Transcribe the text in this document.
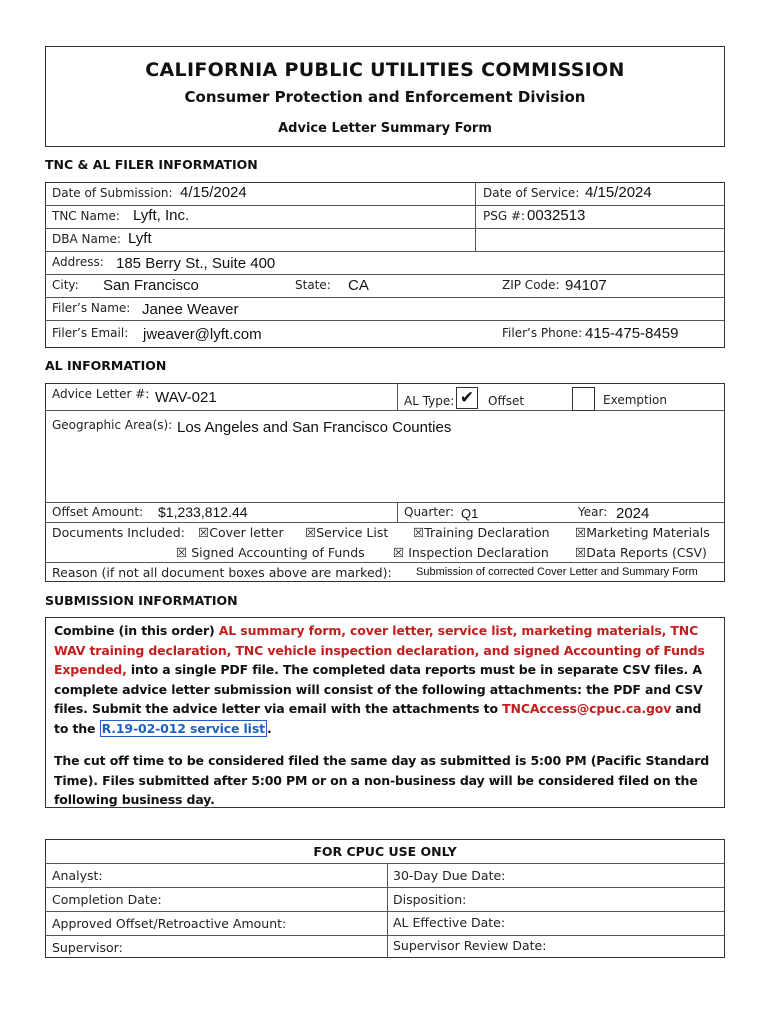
CALIFORNIA PUBLIC UTILITIES COMMISSION
Consumer Protection and Enforcement Division
Advice Letter Summary Form
TNC & AL FILER INFORMATION
Date of Submission: 4/15/2024	Date of Service: 4/15/2024
TNC Name: Lyft, Inc.	PSG #: 0032513
DBA Name: Lyft
Address: 185 Berry St., Suite 400
City: San Francisco	State: CA	ZIP Code: 94107
Filer’s Name: Janee Weaver
Filer’s Email: jweaver@lyft.com	Filer’s Phone: 415-475-8459
AL INFORMATION
Advice Letter #: WAV-021	AL Type: ✔	Offset	Exemption
Geographic Area(s): Los Angeles and San Francisco Counties
Offset Amount: $1,233,812.44	Quarter: Q1	Year: 2024
Documents Included: ☒Cover letter ☒Service List ☒Training Declaration ☒Marketing Materials
☒ Signed Accounting of Funds ☒ Inspection Declaration ☒Data Reports (CSV)
Reason (if not all document boxes above are marked): Submission of corrected Cover Letter and Summary Form
SUBMISSION INFORMATION

Combine (in this order) AL summary form, cover letter, service list, marketing materials, TNC WAV training declaration, TNC vehicle inspection declaration, and signed Accounting of Funds Expended, into a single PDF file. The completed data reports must be in separate CSV files. A complete advice letter submission will consist of the following attachments: the PDF and CSV files. Submit the advice letter via email with the attachments to TNCAccess@cpuc.ca.gov and to the R.19-02-012 service list .

The cut off time to be considered filed the same day as submitted is 5:00 PM (Pacific Standard Time). Files submitted after 5:00 PM or on a non-business day will be considered filed on the following business day.

FOR CPUC USE ONLY
Analyst:	30-Day Due Date:
Completion Date:	Disposition:
Approved Offset/Retroactive Amount:	AL Effective Date:
Supervisor:	Supervisor Review Date:
